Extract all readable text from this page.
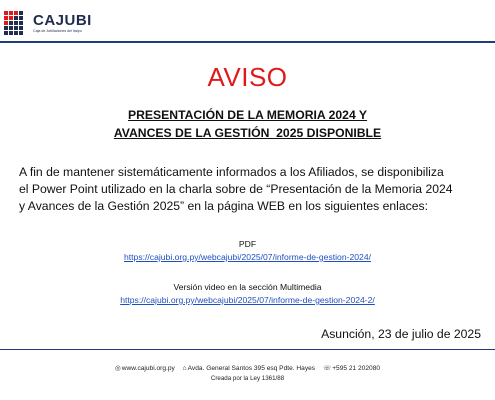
CAJUBI
Caja de Jubilaciones del Itaipu
AVISO
PRESENTACIÓN DE LA MEMORIA 2024 Y
AVANCES DE LA GESTIÓN  2025 DISPONIBLE
A fin de mantener sistemáticamente informados a los Afiliados, se disponibiliza
el Power Point utilizado en la charla sobre de “Presentación de la Memoria 2024
y Avances de la Gestión 2025” en la página WEB en los siguientes enlaces:
PDF
https://cajubi.org.py/webcajubi/2025/07/informe-de-gestion-2024/
Versión video en la sección Multimedia
https://cajubi.org.py/webcajubi/2025/07/informe-de-gestion-2024-2/
Asunción, 23 de julio de 2025
◎www.cajubi.org.py ⌂Avda. General Santos 395 esq Pdte. Hayes ☏+595 21 202080
Creada por la Ley 1361/88
